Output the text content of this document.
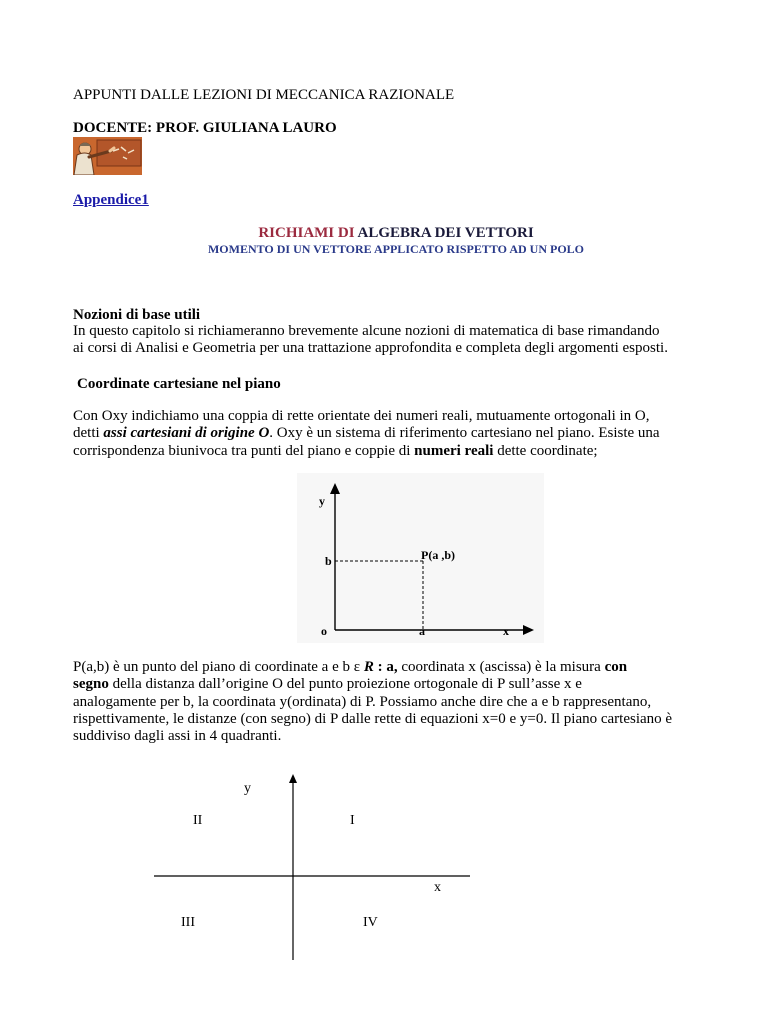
APPUNTI DALLE LEZIONI DI MECCANICA RAZIONALE
DOCENTE: PROF. GIULIANA LAURO
Appendice1
RICHIAMI DI ALGEBRA DEI VETTORI
MOMENTO DI UN VETTORE APPLICATO RISPETTO AD UN POLO
Nozioni di base utili

In questo capitolo si richiameranno brevemente alcune nozioni di matematica di base rimandando

ai corsi di Analisi e Geometria per una trattazione approfondita e completa degli argomenti esposti.

Coordinate cartesiane nel piano

Con Oxy indichiamo una coppia di rette orientate dei numeri reali, mutuamente ortogonali in O,

detti assi cartesiani di origine O. Oxy è un sistema di riferimento cartesiano nel piano. Esiste una

corrispondenza biunivoca tra punti del piano e coppie di numeri reali dette coordinate;

y
b
o	a	x
P(a ,b)

P(a,b) è un punto del piano di coordinate a e b ε R : a, coordinata x (ascissa) è la misura con

segno della distanza dall’origine O del punto proiezione ortogonale di P sull’asse x e

analogamente per b, la coordinata y(ordinata) di P. Possiamo anche dire che a e b rappresentano,

rispettivamente, le distanze (con segno) di P dalle rette di equazioni x=0 e y=0. Il piano cartesiano è

suddiviso dagli assi in 4 quadranti.

y
x
II	I
III	IV
